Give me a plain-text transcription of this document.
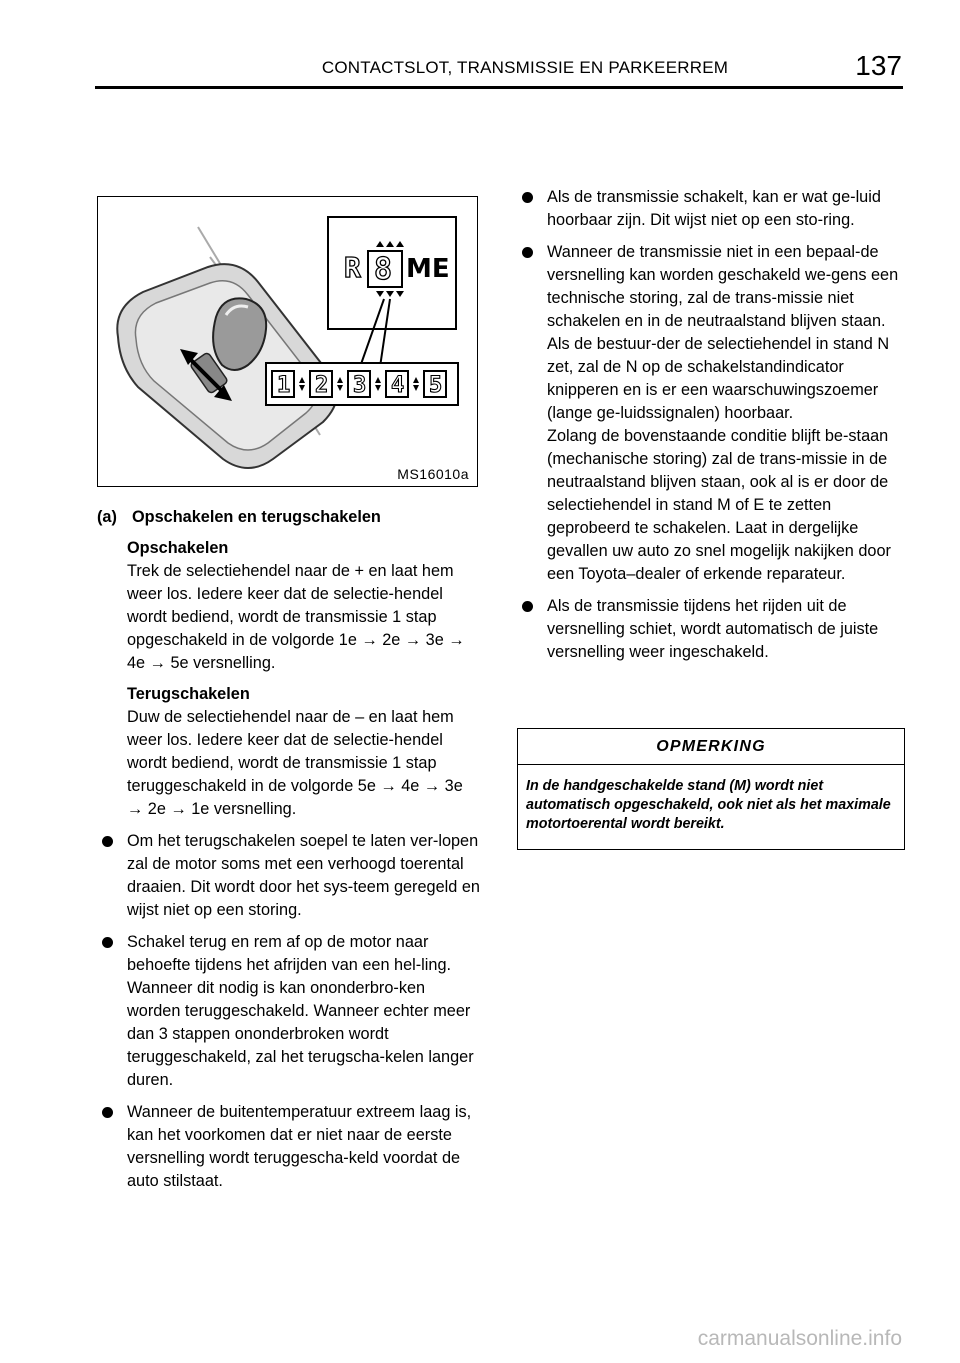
CONTACTSLOT, TRANSMISSIE EN PARKEERREM	137
R 8 ME
1 2 3 4 5
MS16010a
(a) Opschakelen en terugschakelen
Opschakelen

Trek de selectiehendel naar de + en laat hem weer los. Iedere keer dat de selectie-hendel wordt bediend, wordt de transmissie 1 stap opgeschakeld in de volgorde 1e → 2e → 3e → 4e → 5e versnelling.

Terugschakelen

Duw de selectiehendel naar de – en laat hem weer los. Iedere keer dat de selectie-hendel wordt bediend, wordt de transmissie 1 stap teruggeschakeld in de volgorde 5e → 4e → 3e → 2e → 1e versnelling.

Om het terugschakelen soepel te laten ver-lopen zal de motor soms met een verhoogd toerental draaien. Dit wordt door het sys-teem geregeld en wijst niet op een storing.
Schakel terug en rem af op de motor naar behoefte tijdens het afrijden van een hel-ling. Wanneer dit nodig is kan ononderbro-ken worden teruggeschakeld. Wanneer echter meer dan 3 stappen ononderbroken wordt teruggeschakeld, zal het terugscha-kelen langer duren.
Wanneer de buitentemperatuur extreem laag is, kan het voorkomen dat er niet naar de eerste versnelling wordt teruggescha-keld voordat de auto stilstaat.
Als de transmissie schakelt, kan er wat ge-luid hoorbaar zijn. Dit wijst niet op een sto-ring.
Wanneer de transmissie niet in een bepaal-de versnelling kan worden geschakeld we-gens een technische storing, zal de trans-missie niet schakelen en in de neutraalstand blijven staan. Als de bestuur-der de selectiehendel in stand N zet, zal de N op de schakelstandindicator knipperen en is er een waarschuwingszoemer (lange ge-luidssignalen) hoorbaar.

Zolang de bovenstaande conditie blijft be-staan (mechanische storing) zal de trans-missie in de neutraalstand blijven staan, ook al is er door de selectiehendel in stand M of E te zetten geprobeerd te schakelen. Laat in dergelijke gevallen uw auto zo snel mogelijk nakijken door een Toyota–dealer of erkende reparateur.

Als de transmissie tijdens het rijden uit de versnelling schiet, wordt automatisch de juiste versnelling weer ingeschakeld.
OPMERKING
In de handgeschakelde stand (M) wordt niet automatisch opgeschakeld, ook niet als het maximale motortoerental wordt bereikt.
carmanualsonline.info
